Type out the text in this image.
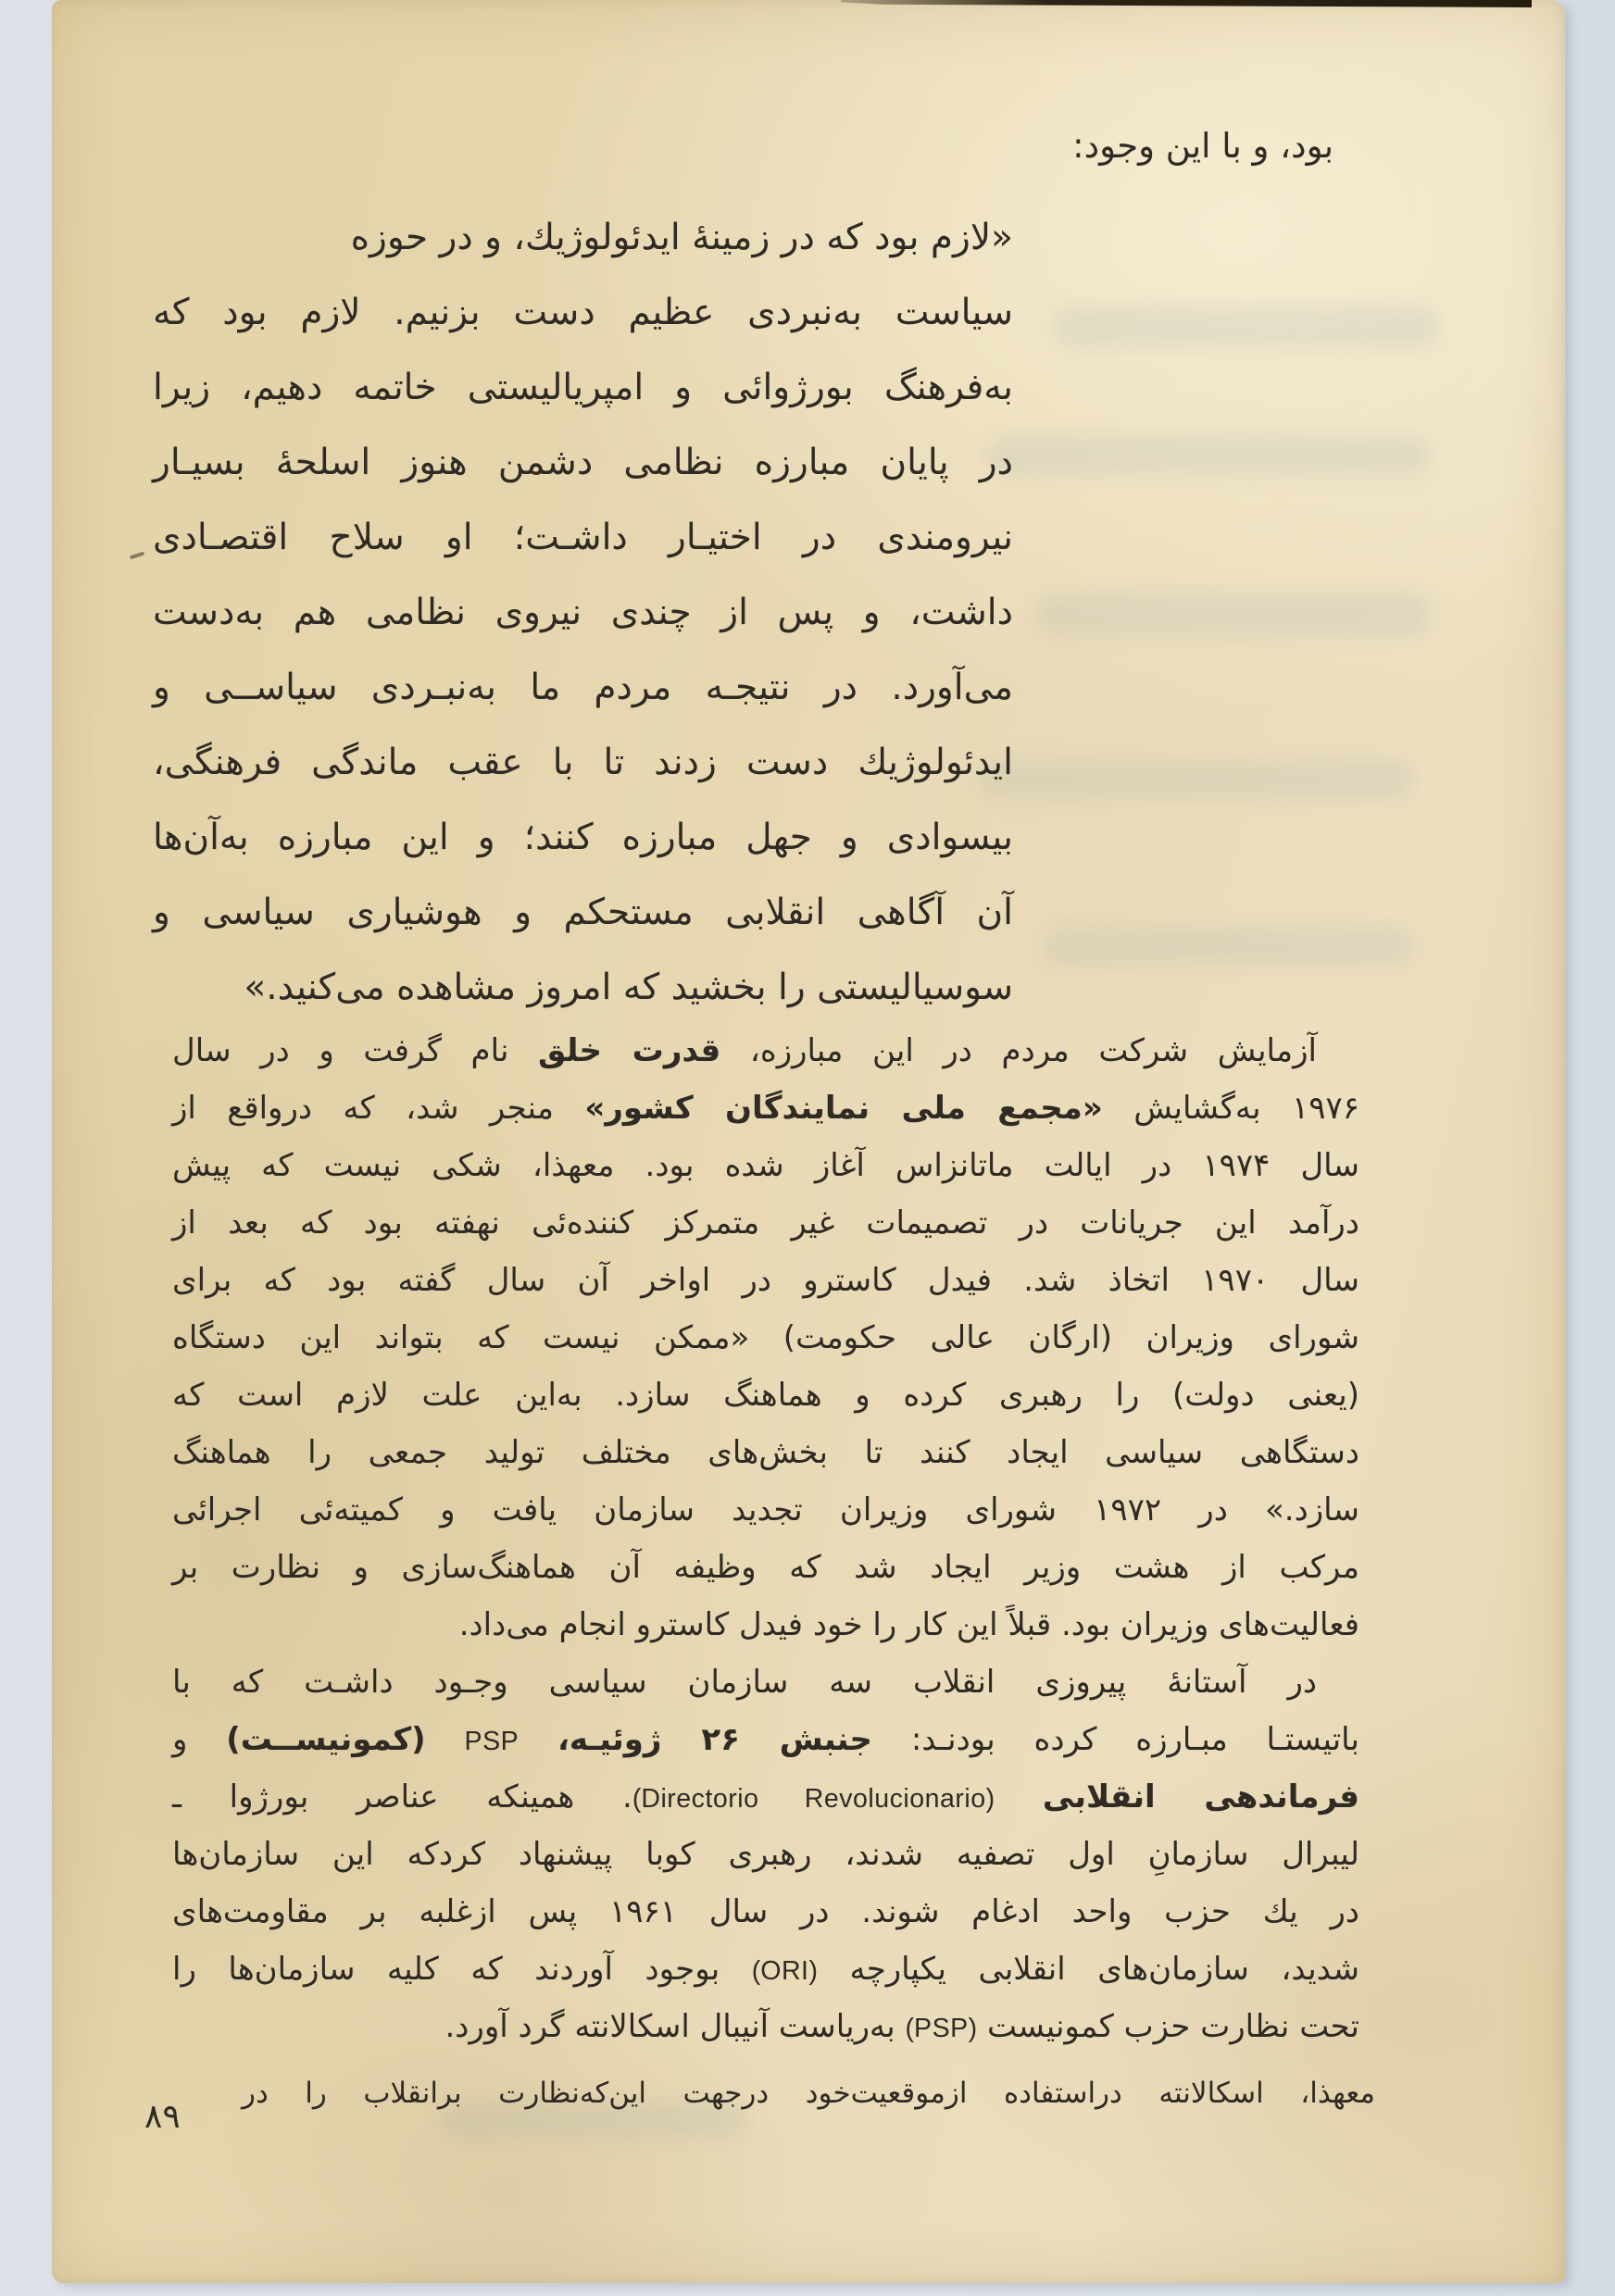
بود، و با این وجود:
«لازم بود که در زمینهٔ ایدئولوژیك، و در حوزه
سیاست به‌نبردی عظیم دست بزنیم. لازم بود که
به‌فرهنگ بورژوائی و امپریالیستی خاتمه دهیم، زیرا
در پایان مبارزه نظامی دشمن هنوز اسلحهٔ بسیـار
نیرومندی در اختیـار داشـت؛ او سلاح اقتصـادی
داشت، و پس از چندی نیروی نظامی هم به‌دست
می‌آورد. در نتیجـه مردم ما به‌نبـردی سیاســی و
ایدئولوژیك دست زدند تا با عقب ماندگی فرهنگی،
بیسوادی و جهل مبارزه کنند؛ و این مبارزه به‌آن‌ها
آن آگاهی انقلابی مستحکم و هوشیاری سیاسی و
سوسیالیستی را بخشید که امروز مشاهده می‌کنید.»
آزمایش شرکت مردم در این مبارزه، قدرت خلق نام گرفت و در سال
۱۹۷۶ به‌گشایش «مجمع ملی نمایندگان کشور» منجر شد، که درواقع از
سال ۱۹۷۴ در ایالت ماتانزاس آغاز شده بود. معهذا، شکی نیست که پیش
درآمد این جریانات در تصمیمات غیر متمرکز کننده‌ئی نهفته بود که بعد از
سال ۱۹۷۰ اتخاذ شد. فیدل کاسترو در اواخر آن سال گفته بود که برای
شورای وزیران (ارگان عالی حکومت) «ممکن نیست که بتواند این دستگاه
(یعنی دولت) را رهبری کرده و هماهنگ سازد. به‌این علت لازم است که
دستگاهی سیاسی ایجاد کنند تا بخش‌های مختلف تولید جمعی را هماهنگ
سازد.» در ۱۹۷۲ شورای وزیران تجدید سازمان یافت و کمیته‌ئی اجرائی
مرکب از هشت وزیر ایجاد شد که وظیفه آن هماهنگ‌سازی و نظارت بر
فعالیت‌های وزیران بود. قبلاً این کار را خود فیدل کاسترو انجام می‌داد.
در آستانهٔ پیروزی انقلاب سه سازمان سیاسی وجـود داشـت که با
باتیستـا مبـارزه کرده بودنـد: جنبش ۲۶ ژوئیـه، PSP (کمونیســت) و
فرماندهی انقلابی (Directorio Revolucionario). همینکه عناصر بورژوا ـ
لیبرال سازمانِ اول تصفیه شدند، رهبری کوبا پیشنهاد کردکه این سازمان‌ها
در یك حزب واحد ادغام شوند. در سال ۱۹۶۱ پس ازغلبه بر مقاومت‌های
شدید، سازمان‌های انقلابی یکپارچه (ORI) بوجود آوردند که کلیه سازمان‌ها را
تحت نظارت حزب کمونیست (PSP) به‌ریاست آنیبال اسکالانته گرد آورد.
معهذا، اسکالانته دراستفاده ازموقعیت‌خود درجهت این‌که‌نظارت برانقلاب را در
۸۹
